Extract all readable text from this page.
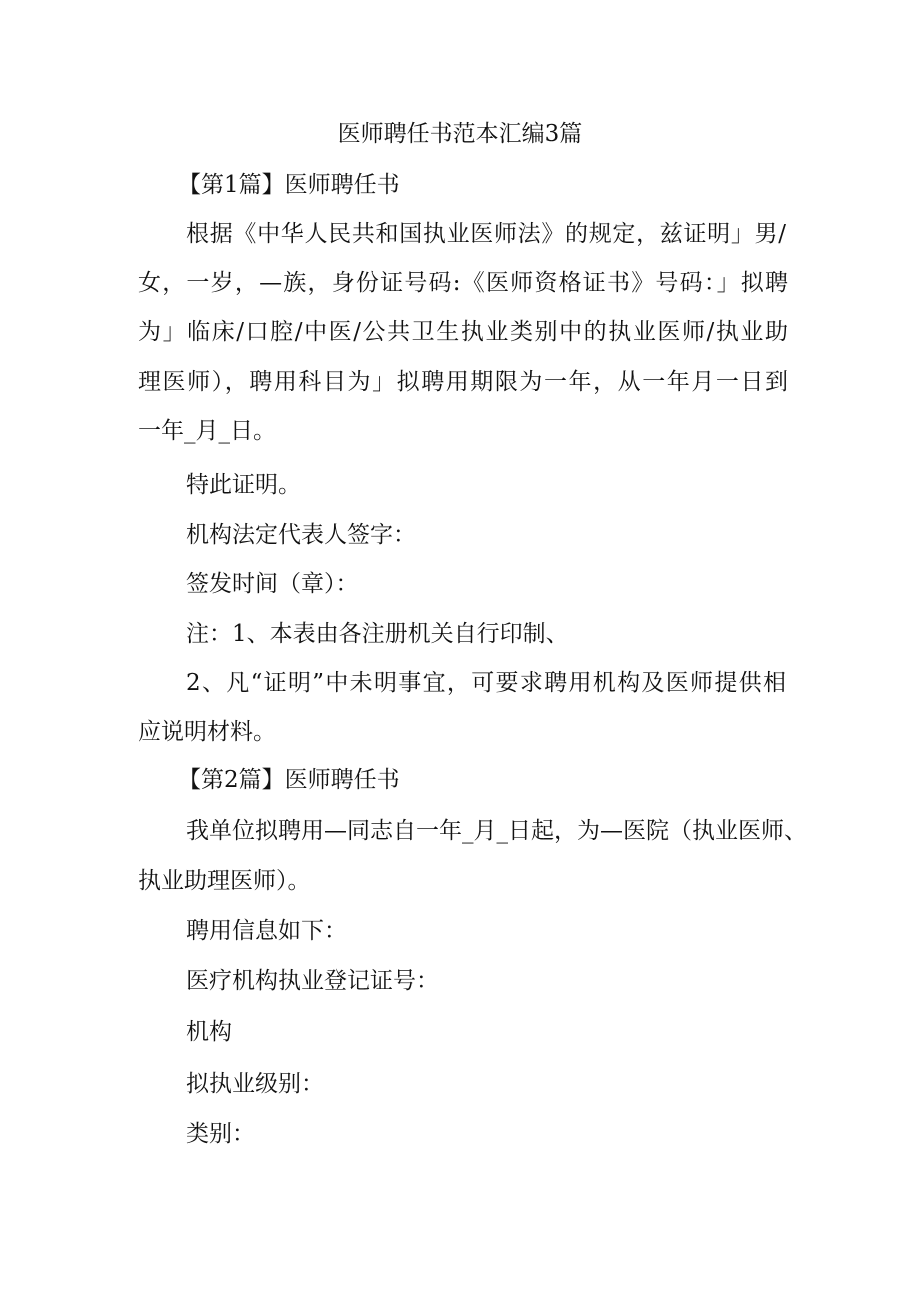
医师聘任书范本汇编3篇
【第1篇】医师聘任书
根据《中华人民共和国执业医师法》的规定，兹证明」男/
女，一岁，—族，身份证号码:《医师资格证书》号码：」拟聘
为」临床/口腔/中医/公共卫生执业类别中的执业医师/执业助
理医师），聘用科目为」拟聘用期限为一年，从一年月一日到
一年_月_日。
特此证明。
机构法定代表人签字：
签发时间（章）：
注：1、本表由各注册机关自行印制、
2、凡“证明”中未明事宜，可要求聘用机构及医师提供相
应说明材料。
【第2篇】医师聘任书
我单位拟聘用—同志自一年_月_日起，为—医院（执业医师、
执业助理医师）。
聘用信息如下：
医疗机构执业登记证号：
机构
拟执业级别：
类别：
